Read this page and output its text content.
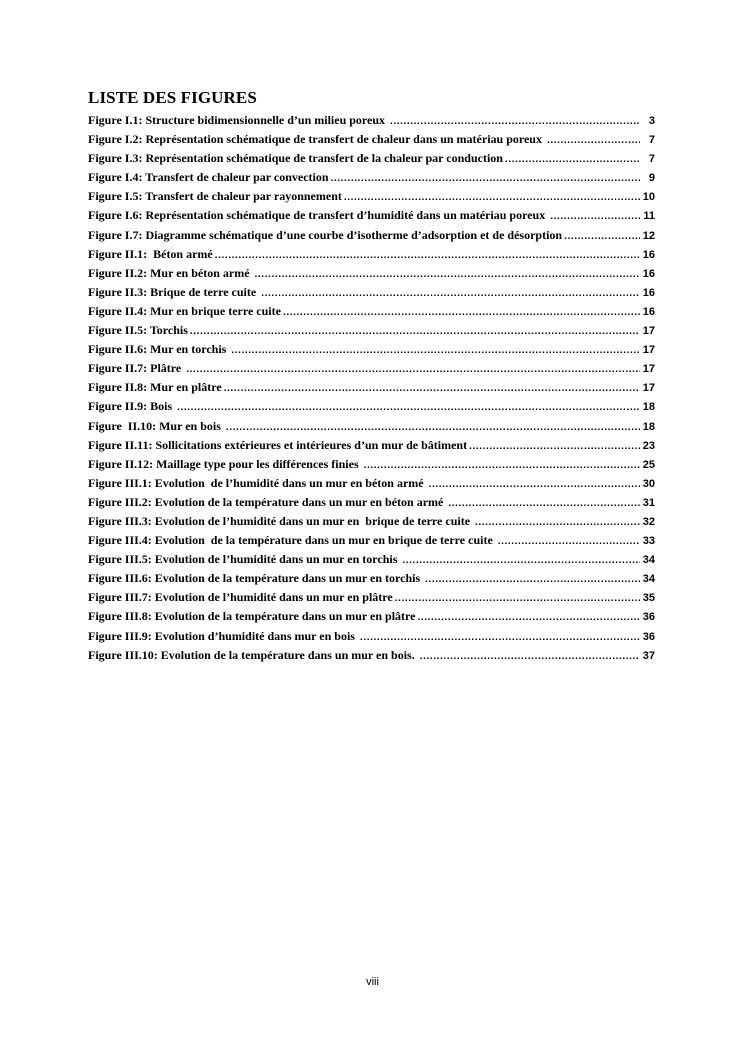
LISTE DES FIGURES
Figure I.1: Structure bidimensionnelle d’un milieu poreux .....	3
Figure I.2: Représentation schématique de transfert de chaleur dans un matériau poreux .....	7
Figure I.3: Représentation schématique de transfert de la chaleur par conduction .....	7
Figure I.4: Transfert de chaleur par convection .....	9
Figure I.5: Transfert de chaleur par rayonnement .....	10
Figure I.6: Représentation schématique de transfert d’humidité dans un matériau poreux .....	11
Figure I.7: Diagramme schématique d’une courbe d’isotherme d’adsorption et de désorption .....	12
Figure II.1:  Béton armé .....	16
Figure II.2: Mur en béton armé .....	16
Figure II.3: Brique de terre cuite .....	16
Figure II.4: Mur en brique terre cuite .....	16
Figure II.5: Torchis .....	17
Figure II.6: Mur en torchis .....	17
Figure II.7: Plâtre .....	17
Figure II.8: Mur en plâtre .....	17
Figure II.9: Bois .....	18
Figure  II.10: Mur en bois .....	18
Figure II.11: Sollicitations extérieures et intérieures d’un mur de bâtiment .....	23
Figure II.12: Maillage type pour les différences finies .....	25
Figure III.1: Evolution  de l’humidité dans un mur en béton armé .....	30
Figure III.2: Evolution de la température dans un mur en béton armé .....	31
Figure III.3: Evolution de l’humidité dans un mur en  brique de terre cuite .....	32
Figure III.4: Evolution  de la température dans un mur en brique de terre cuite .....	33
Figure III.5: Evolution de l’humidité dans un mur en torchis .....	34
Figure III.6: Evolution de la température dans un mur en torchis .....	34
Figure III.7: Evolution de l’humidité dans un mur en plâtre .....	35
Figure III.8: Evolution de la température dans un mur en plâtre .....	36
Figure III.9: Evolution d’humidité dans mur en bois .....	36
Figure III.10: Evolution de la température dans un mur en bois. .....	37
viii
